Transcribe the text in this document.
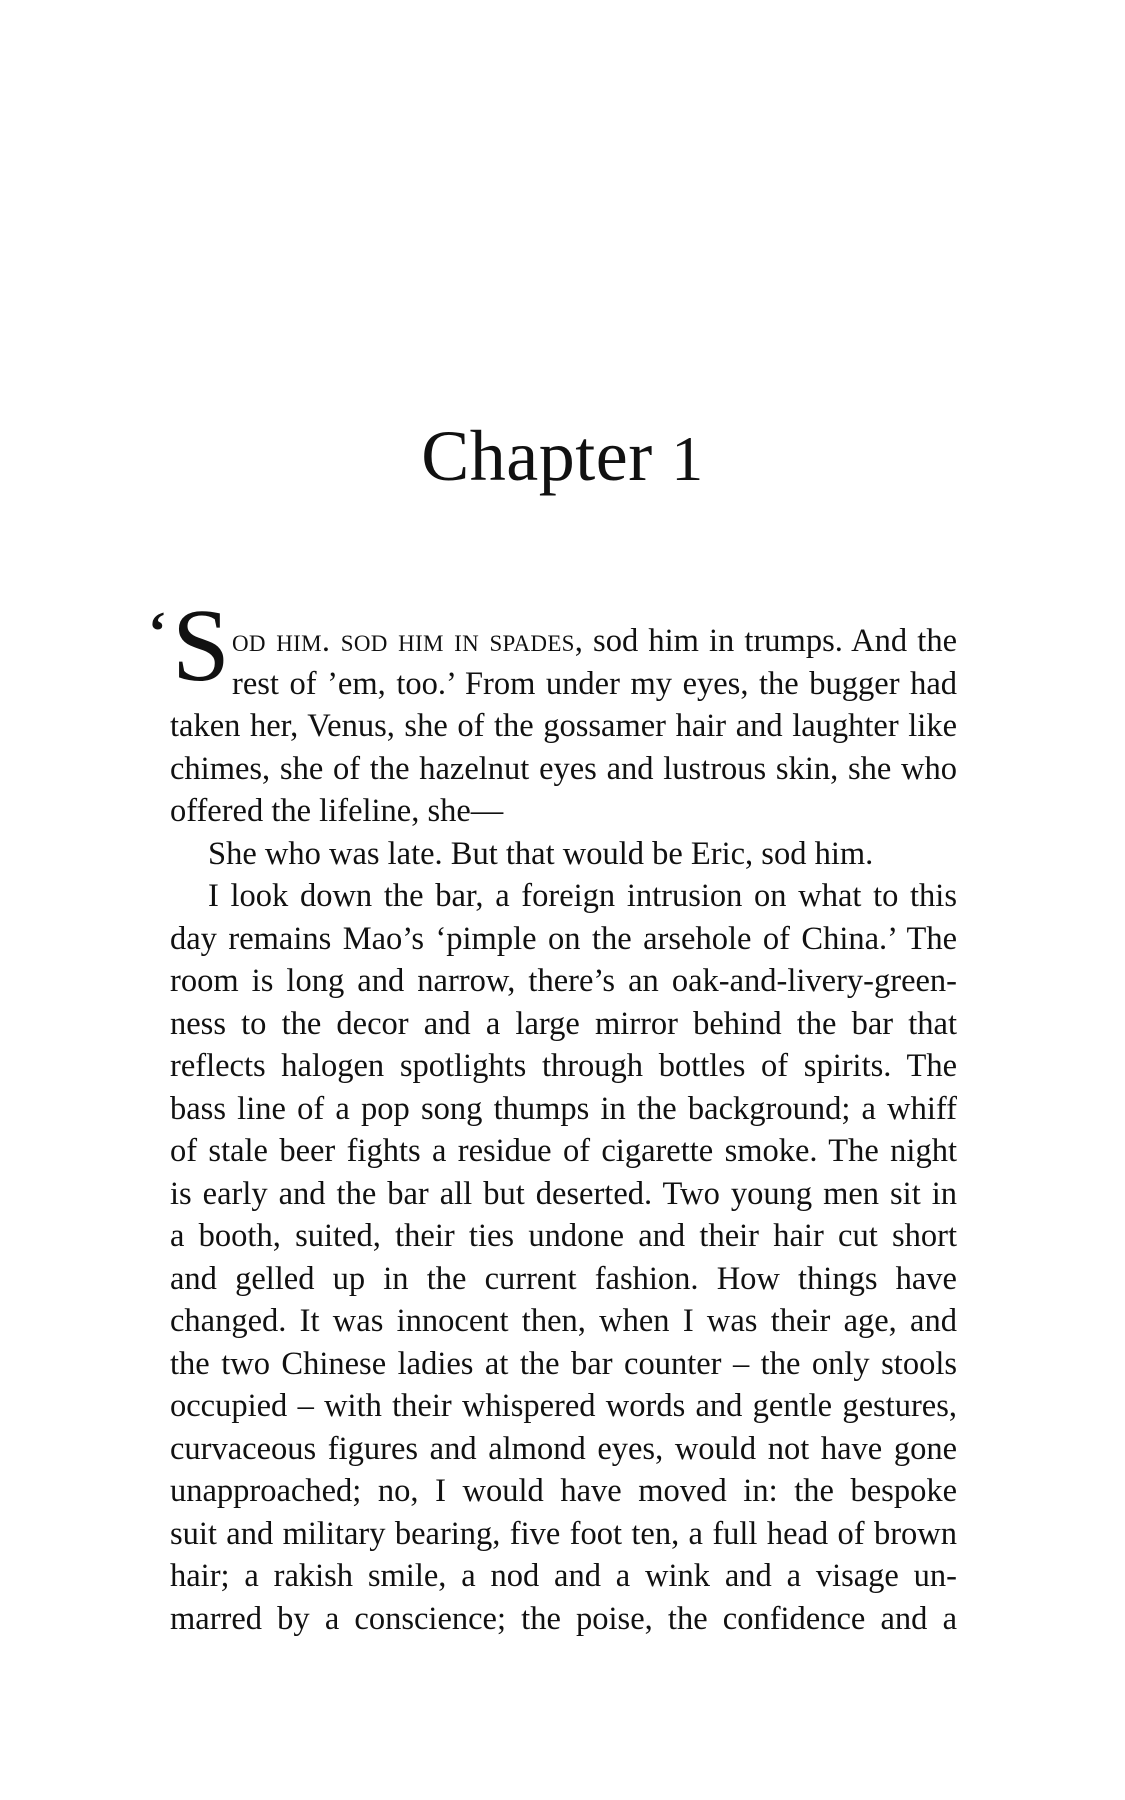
Chapter 1
‘ S od him. sod him in spades, sod him in trumps. And the
rest of ’em, too.’ From under my eyes, the bugger had
taken her, Venus, she of the gossamer hair and laughter like
chimes, she of the hazelnut eyes and lustrous skin, she who
offered the lifeline, she—
She who was late. But that would be Eric, sod him.
I look down the bar, a foreign intrusion on what to this
day remains Mao’s ‘pimple on the arsehole of China.’ The
room is long and narrow, there’s an oak-and-livery-green-
ness to the decor and a large mirror behind the bar that
reflects halogen spotlights through bottles of spirits. The
bass line of a pop song thumps in the background; a whiff
of stale beer fights a residue of cigarette smoke. The night
is early and the bar all but deserted. Two young men sit in
a booth, suited, their ties undone and their hair cut short
and gelled up in the current fashion. How things have
changed. It was innocent then, when I was their age, and
the two Chinese ladies at the bar counter – the only stools
occupied – with their whispered words and gentle gestures,
curvaceous figures and almond eyes, would not have gone
unapproached; no, I would have moved in: the bespoke
suit and military bearing, five foot ten, a full head of brown
hair; a rakish smile, a nod and a wink and a visage un-
marred by a conscience; the poise, the confidence and a
